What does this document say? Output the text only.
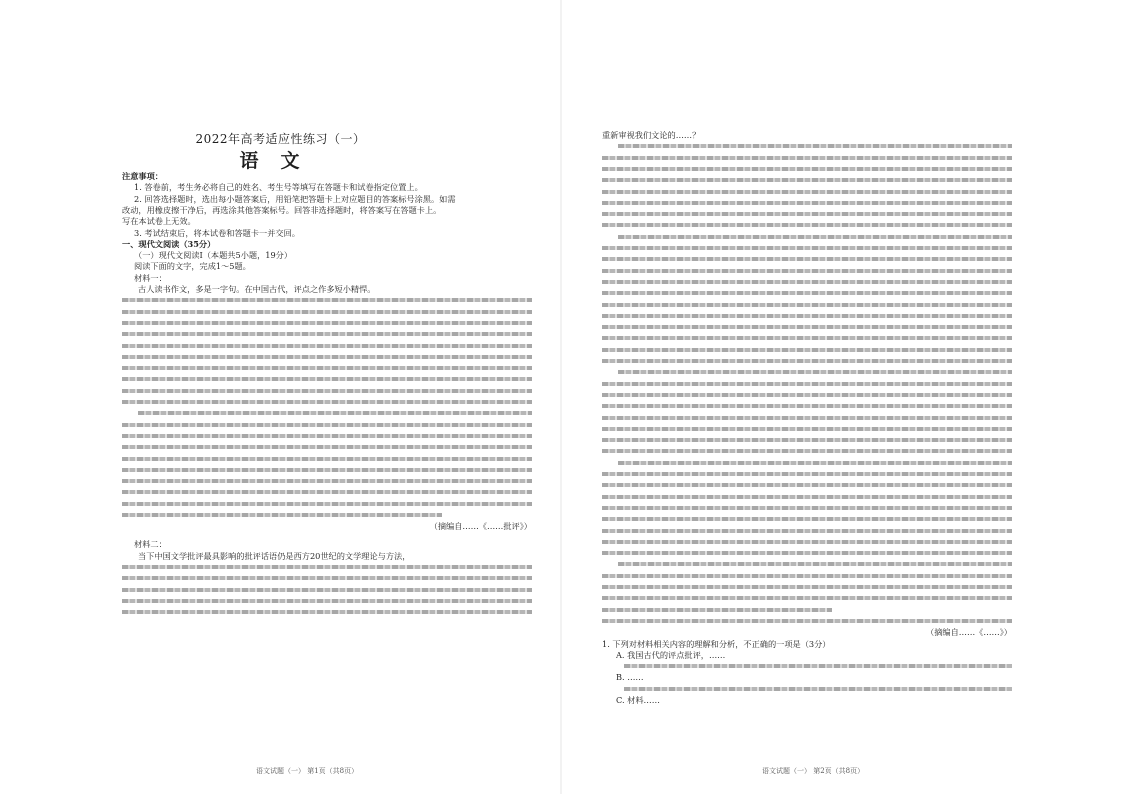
2022年高考适应性练习（一）
语文
注意事项：
1. 答卷前，考生务必将自己的姓名、考生号等填写在答题卡和试卷指定位置上。
2. 回答选择题时，选出每小题答案后，用铅笔把答题卡上对应题目的答案标号涂黑。如需
改动，用橡皮擦干净后，再选涂其他答案标号。回答非选择题时，将答案写在答题卡上。
写在本试卷上无效。
3. 考试结束后，将本试卷和答题卡一并交回。
一、现代文阅读（35分）
（一）现代文阅读Ⅰ（本题共5小题，19分）
阅读下面的文字，完成1～5题。
材料一：
古人读书作文，多是一字句。在中国古代，评点之作多短小精悍。
（摘编自……《……批评》）
材料二：
当下中国文学批评最具影响的批评话语仍是西方20世纪的文学理论与方法，
语文试题（一） 第1页（共8页）
重新审视我们文论的……？
（摘编自……《……》）
1. 下列对材料相关内容的理解和分析，不正确的一项是（3分）
A. 我国古代的评点批评，……
B. ……
C. 材料……
语文试题（一） 第2页（共8页）
